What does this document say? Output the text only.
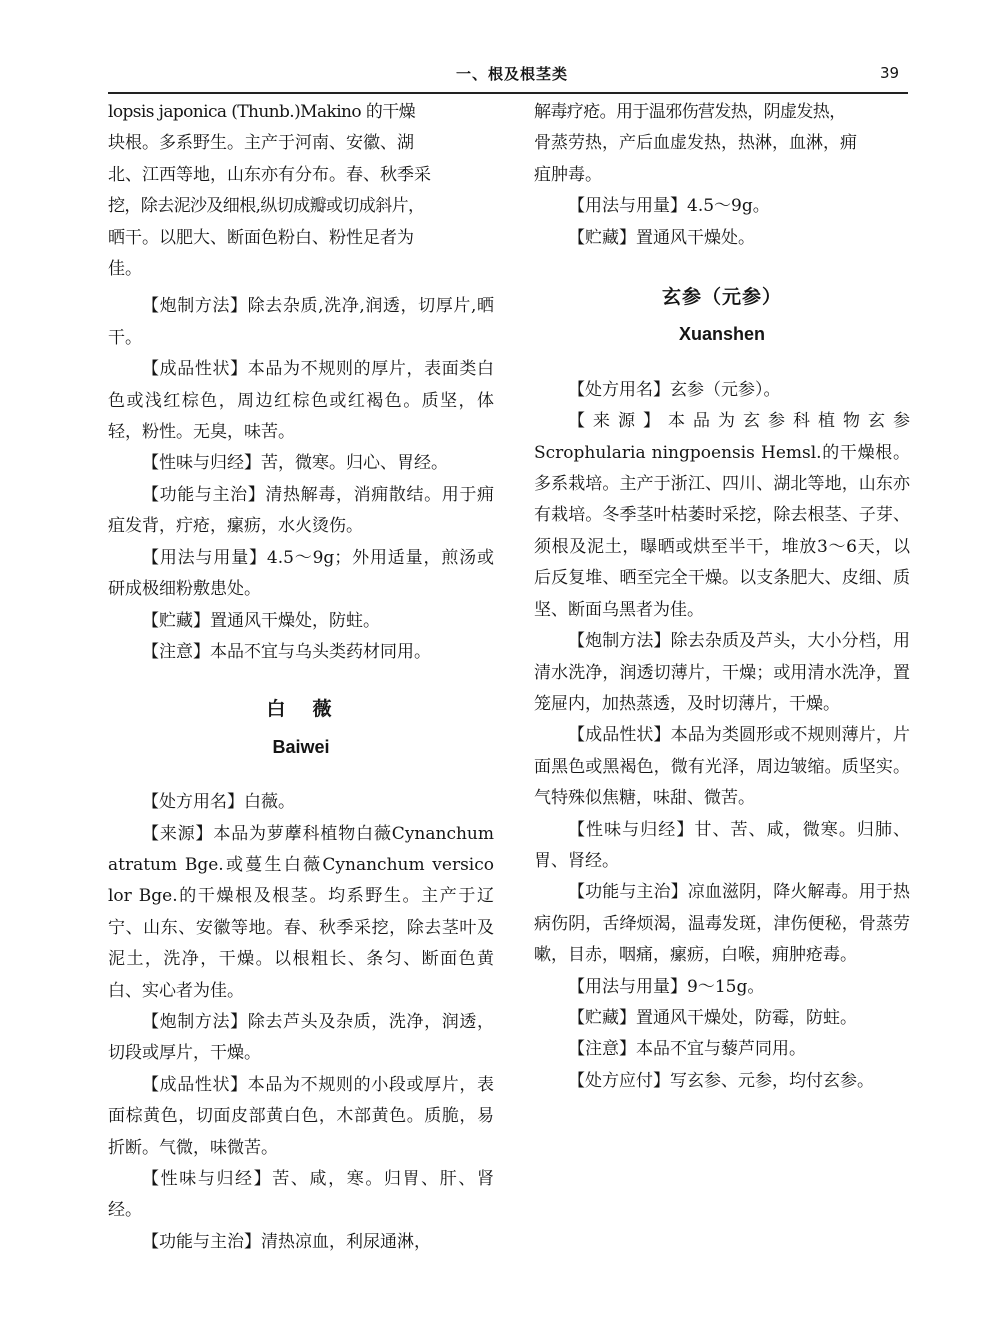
一、根及根茎类	39

lopsis japonica (Thunb.)Makino 的干燥

块根。多系野生。主产于河南、安徽、湖

北、江西等地，山东亦有分布。春、秋季采

挖，除去泥沙及细根,纵切成瓣或切成斜片，

晒干。以肥大、断面色粉白、粉性足者为

佳。

【炮制方法】除去杂质,洗净,润透，切厚片,晒干。

【成品性状】本品为不规则的厚片，表面类白色或浅红棕色，周边红棕色或红褐色。质坚，体轻，粉性。无臭，味苦。

【性味与归经】苦，微寒。归心、胃经。

【功能与主治】清热解毒，消痈散结。用于痈疽发背，疔疮，瘰疬，水火烫伤。

【用法与用量】4.5～9g；外用适量，煎汤或研成极细粉敷患处。

【贮藏】置通风干燥处，防蛀。

【注意】本品不宜与乌头类药材同用。

白　薇

Baiwei

【处方用名】白薇。

【来源】本品为萝藦科植物白薇Cynanchum atratum Bge.或蔓生白薇Cynanchum versico lor Bge.的干燥根及根茎。均系野生。主产于辽宁、山东、安徽等地。春、秋季采挖，除去茎叶及泥土，洗净，干燥。以根粗长、条匀、断面色黄白、实心者为佳。

【炮制方法】除去芦头及杂质，洗净，润透，切段或厚片，干燥。

【成品性状】本品为不规则的小段或厚片，表面棕黄色，切面皮部黄白色，木部黄色。质脆，易折断。气微，味微苦。

【性味与归经】苦、咸，寒。归胃、肝、肾经。

【功能与主治】清热凉血，利尿通淋，

解毒疗疮。用于温邪伤营发热，阴虚发热，

骨蒸劳热，产后血虚发热，热淋，血淋，痈

疽肿毒。

【用法与用量】4.5～9g。

【贮藏】置通风干燥处。

玄参（元参）

Xuanshen

【处方用名】玄参（元参）。

【来源】本品为玄参科植物玄参Scrophularia ningpoensis Hemsl.的干燥根。多系栽培。主产于浙江、四川、湖北等地，山东亦有栽培。冬季茎叶枯萎时采挖，除去根茎、子芽、须根及泥土，曝晒或烘至半干，堆放3～6天，以后反复堆、晒至完全干燥。以支条肥大、皮细、质坚、断面乌黑者为佳。

【炮制方法】除去杂质及芦头，大小分档，用清水洗净，润透切薄片，干燥；或用清水洗净，置笼屉内，加热蒸透，及时切薄片，干燥。

【成品性状】本品为类圆形或不规则薄片，片面黑色或黑褐色，微有光泽，周边皱缩。质坚实。气特殊似焦糖，味甜、微苦。

【性味与归经】甘、苦、咸，微寒。归肺、胃、肾经。

【功能与主治】凉血滋阴，降火解毒。用于热病伤阴，舌绛烦渴，温毒发斑，津伤便秘，骨蒸劳嗽，目赤，咽痛，瘰疬，白喉，痈肿疮毒。

【用法与用量】9～15g。

【贮藏】置通风干燥处，防霉，防蛀。

【注意】本品不宜与藜芦同用。

【处方应付】写玄参、元参，均付玄参。
